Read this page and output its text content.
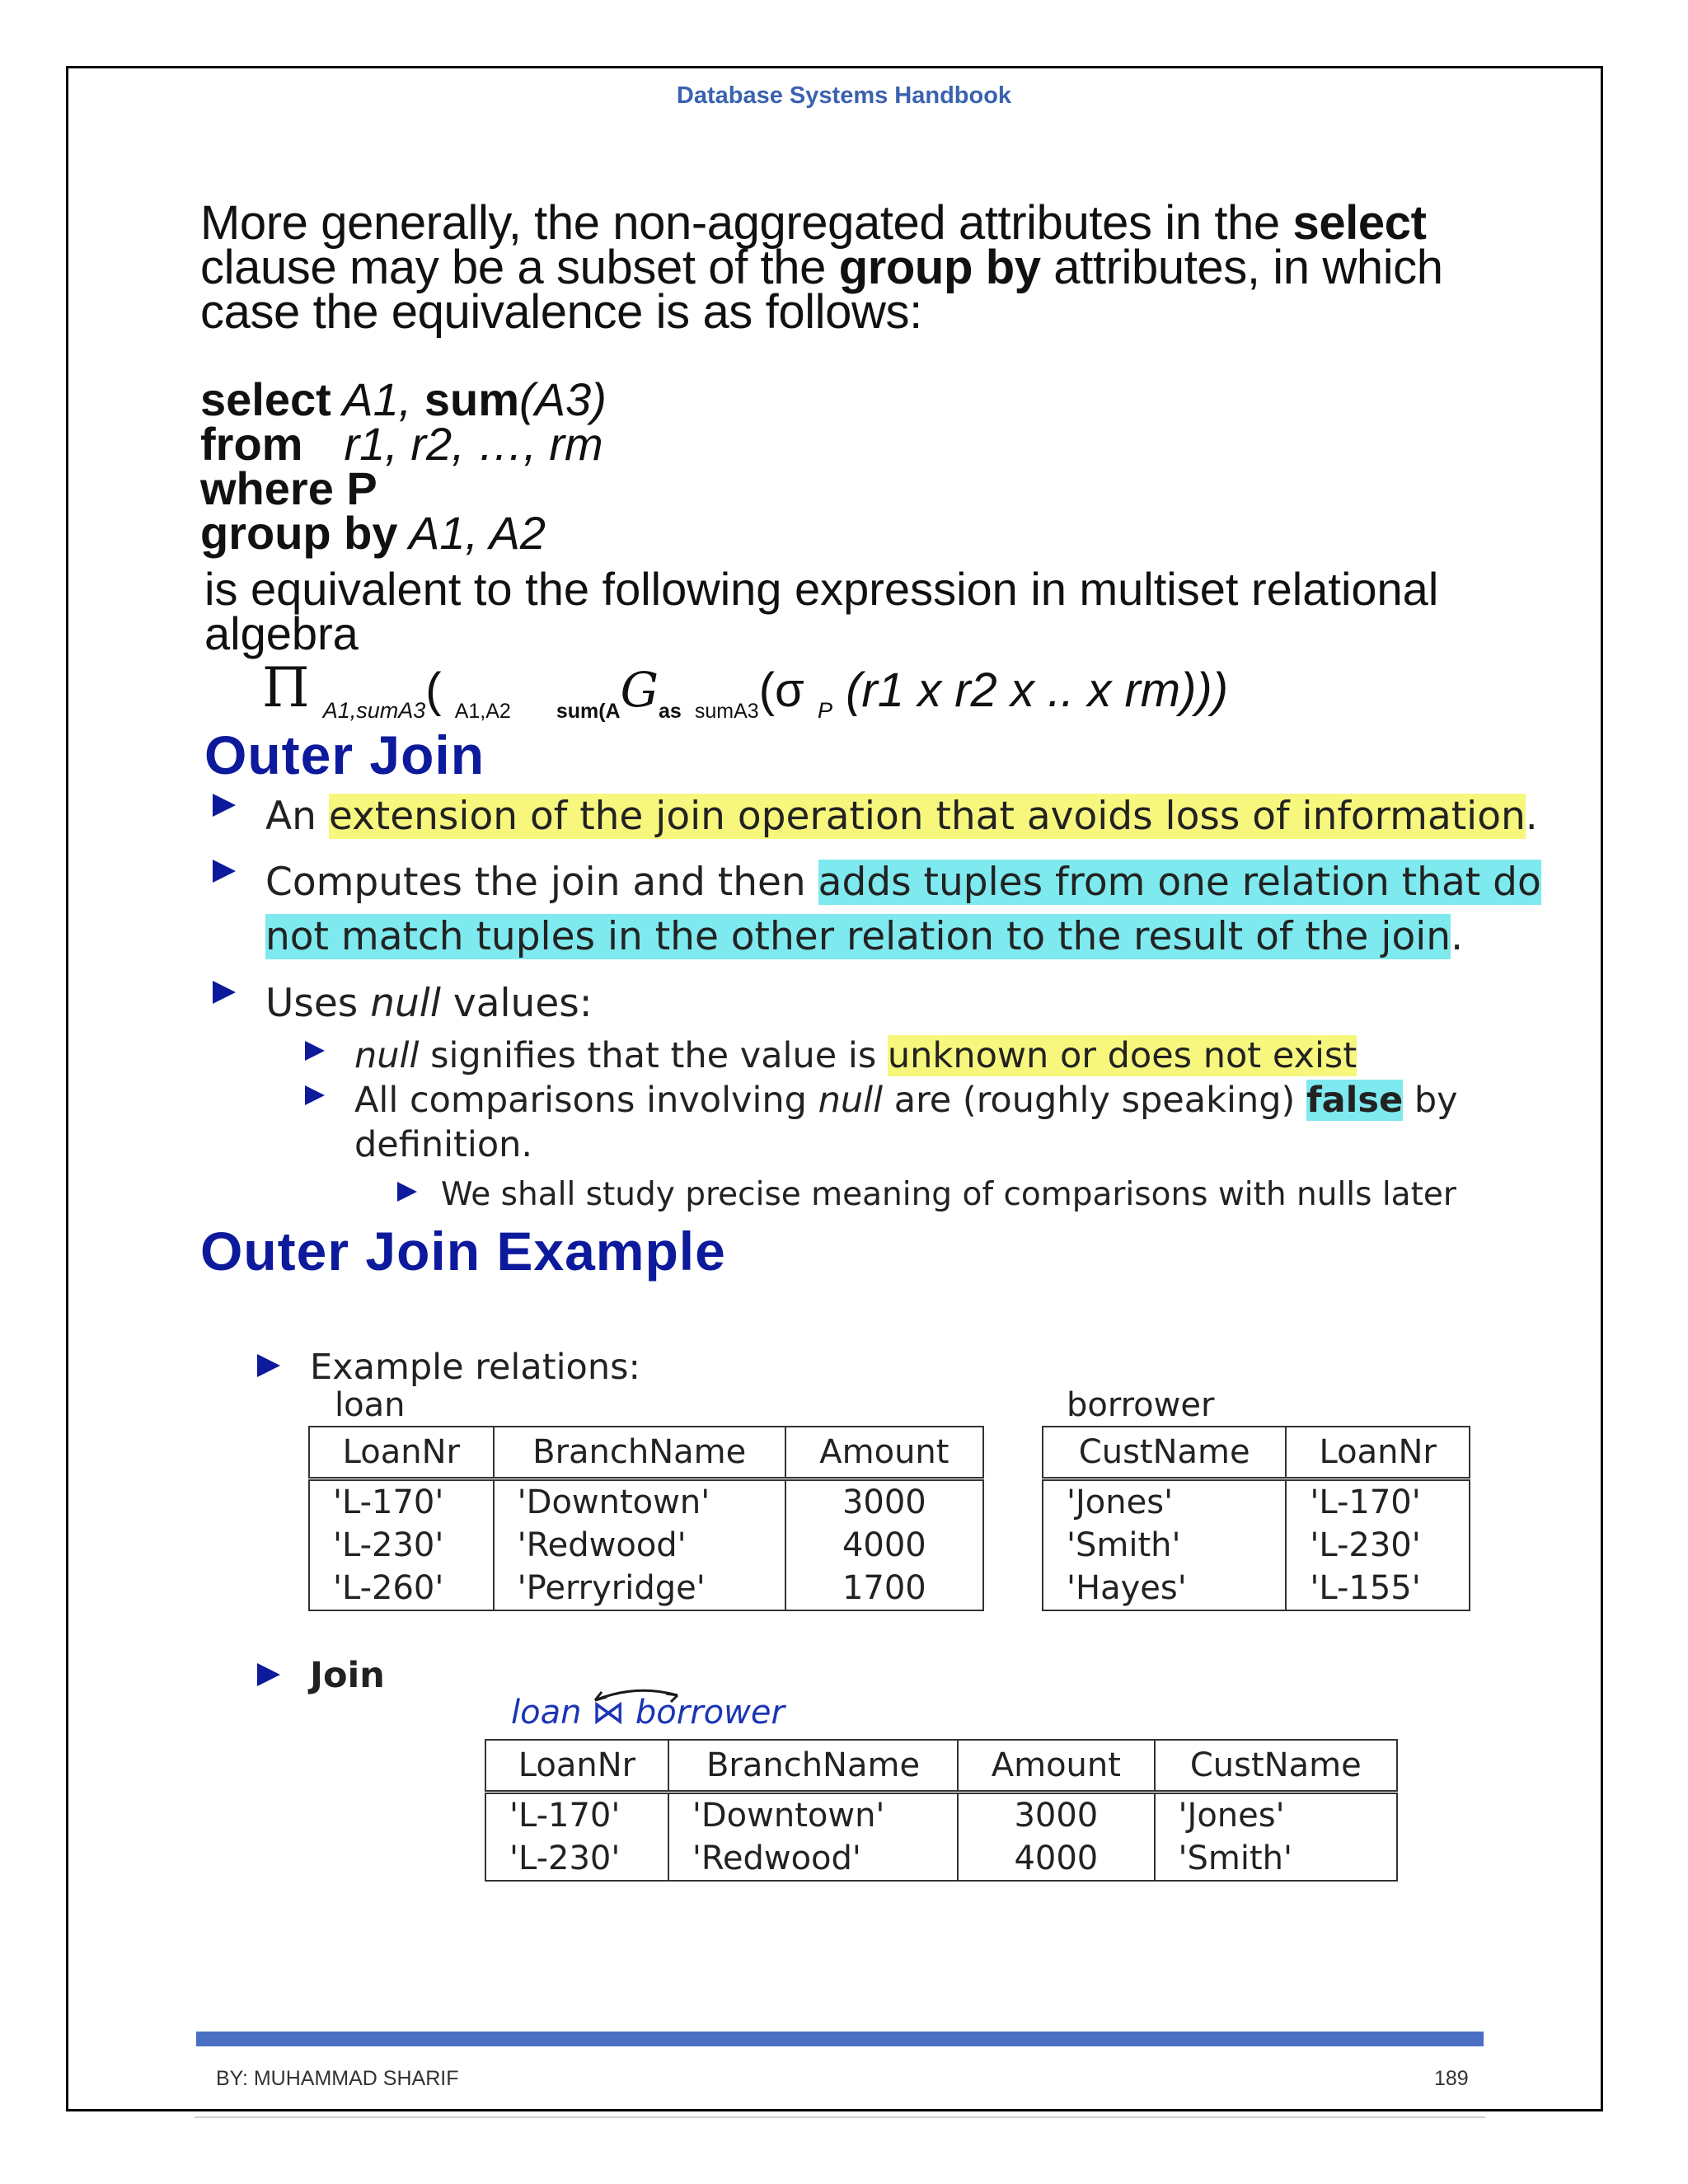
Database Systems Handbook
More generally, the non-aggregated attributes in the select clause may be a subset of the group by attributes, in which case the equivalence is as follows:
select A1, sum(A3)
from r1, r2, …, rm
where P
group by A1, A2
is equivalent to the following expression in multiset relational algebra
Π $_{A1,sumA3}$( $_{A1,A2}$ $_{sum(A}G_{as}$ $_{sumA3}$(σ $_P$ (r1 x r2 x .. x rm)))
Outer Join
An extension of the join operation that avoids loss of information.
Computes the join and then adds tuples from one relation that do
not match tuples in the other relation to the result of the join.
Uses null values:
null signifies that the value is unknown or does not exist
All comparisons involving null are (roughly speaking) false by
definition.
We shall study precise meaning of comparisons with nulls later
Outer Join Example
Example relations:
loan
LoanNr	BranchName	Amount
'L-170'	'Downtown'	3000
'L-230'	'Redwood'	4000
'L-260'	'Perryridge'	1700
borrower
CustName	LoanNr
'Jones'	'L-170'
'Smith'	'L-230'
'Hayes'	'L-155'
Join
loan ⋈ borrower
LoanNr	BranchName	Amount	CustName
'L-170'	'Downtown'	3000	'Jones'
'L-230'	'Redwood'	4000	'Smith'
BY: MUHAMMAD SHARIF	189
